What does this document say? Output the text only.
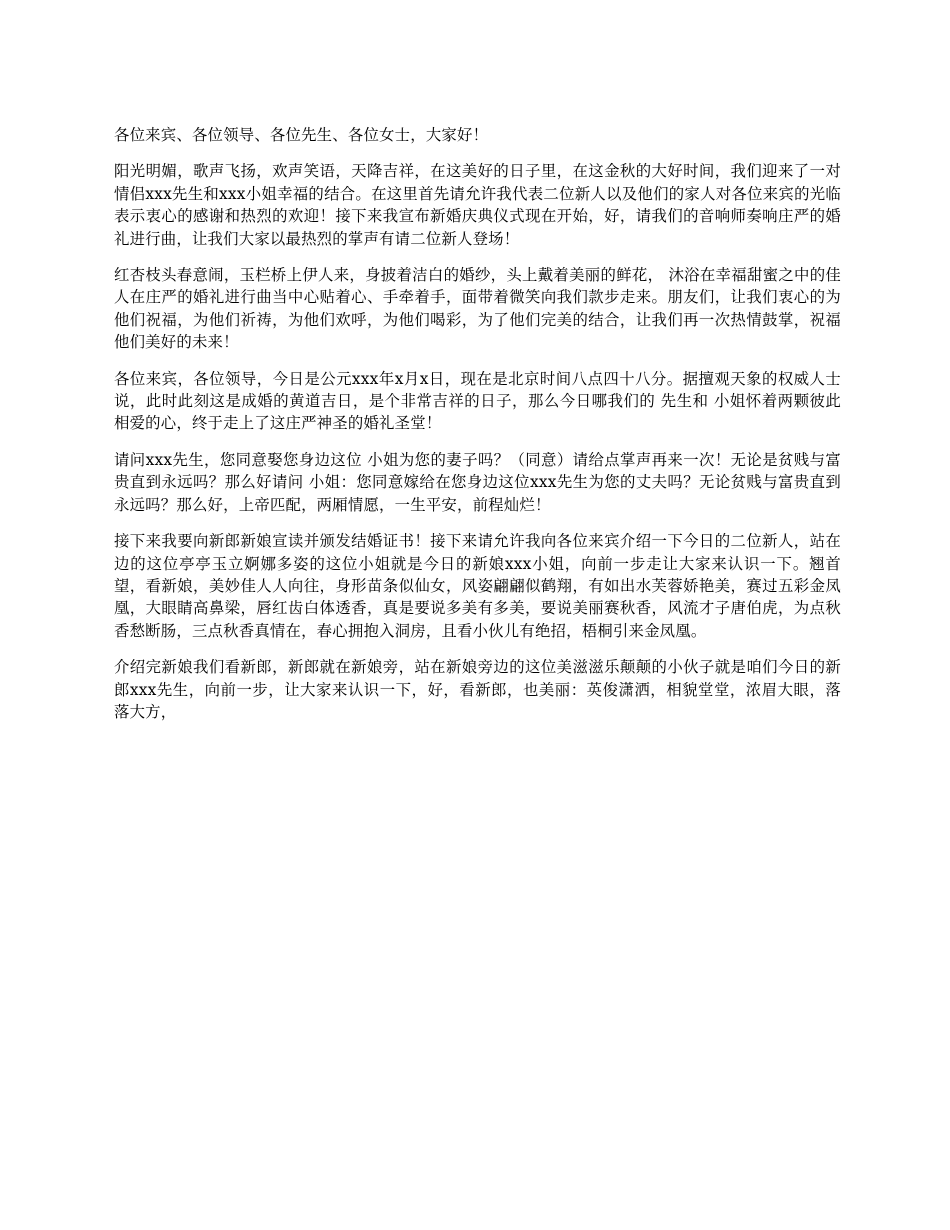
各位来宾、各位领导、各位先生、各位女士，大家好！

阳光明媚，歌声飞扬，欢声笑语，天降吉祥，在这美好的日子里，在这金秋的大好时间，我们迎来了一对情侣xxx先生和xxx小姐幸福的结合。在这里首先请允许我代表二位新人以及他们的家人对各位来宾的光临表示衷心的感谢和热烈的欢迎！接下来我宣布新婚庆典仪式现在开始，好，请我们的音响师奏响庄严的婚礼进行曲，让我们大家以最热烈的掌声有请二位新人登场！

红杏枝头春意闹，玉栏桥上伊人来，身披着洁白的婚纱，头上戴着美丽的鲜花， 沐浴在幸福甜蜜之中的佳人在庄严的婚礼进行曲当中心贴着心、手牵着手，面带着微笑向我们款步走来。朋友们，让我们衷心的为他们祝福，为他们祈祷，为他们欢呼，为他们喝彩，为了他们完美的结合，让我们再一次热情鼓掌，祝福他们美好的未来！

各位来宾，各位领导，今日是公元xxx年x月x日，现在是北京时间八点四十八分。据擅观天象的权威人士说，此时此刻这是成婚的黄道吉日，是个非常吉祥的日子，那么今日哪我们的 先生和 小姐怀着两颗彼此相爱的心，终于走上了这庄严神圣的婚礼圣堂！

请问xxx先生，您同意娶您身边这位 小姐为您的妻子吗？（同意）请给点掌声再来一次！无论是贫贱与富贵直到永远吗？那么好请问 小姐：您同意嫁给在您身边这位xxx先生为您的丈夫吗？无论贫贱与富贵直到永远吗？那么好，上帝匹配，两厢情愿，一生平安，前程灿烂！

接下来我要向新郎新娘宣读并颁发结婚证书！接下来请允许我向各位来宾介绍一下今日的二位新人，站在 边的这位亭亭玉立婀娜多姿的这位小姐就是今日的新娘xxx小姐，向前一步走让大家来认识一下。翘首望，看新娘，美妙佳人人向往，身形苗条似仙女，风姿翩翩似鹤翔，有如出水芙蓉娇艳美，赛过五彩金凤凰，大眼睛高鼻梁，唇红齿白体透香，真是要说多美有多美，要说美丽赛秋香，风流才子唐伯虎，为点秋香愁断肠，三点秋香真情在，春心拥抱入洞房，且看小伙儿有绝招，梧桐引来金凤凰。

介绍完新娘我们看新郎，新郎就在新娘旁，站在新娘旁边的这位美滋滋乐颠颠的小伙子就是咱们今日的新郎xxx先生，向前一步，让大家来认识一下，好，看新郎，也美丽：英俊潇洒，相貌堂堂，浓眉大眼，落落大方，
